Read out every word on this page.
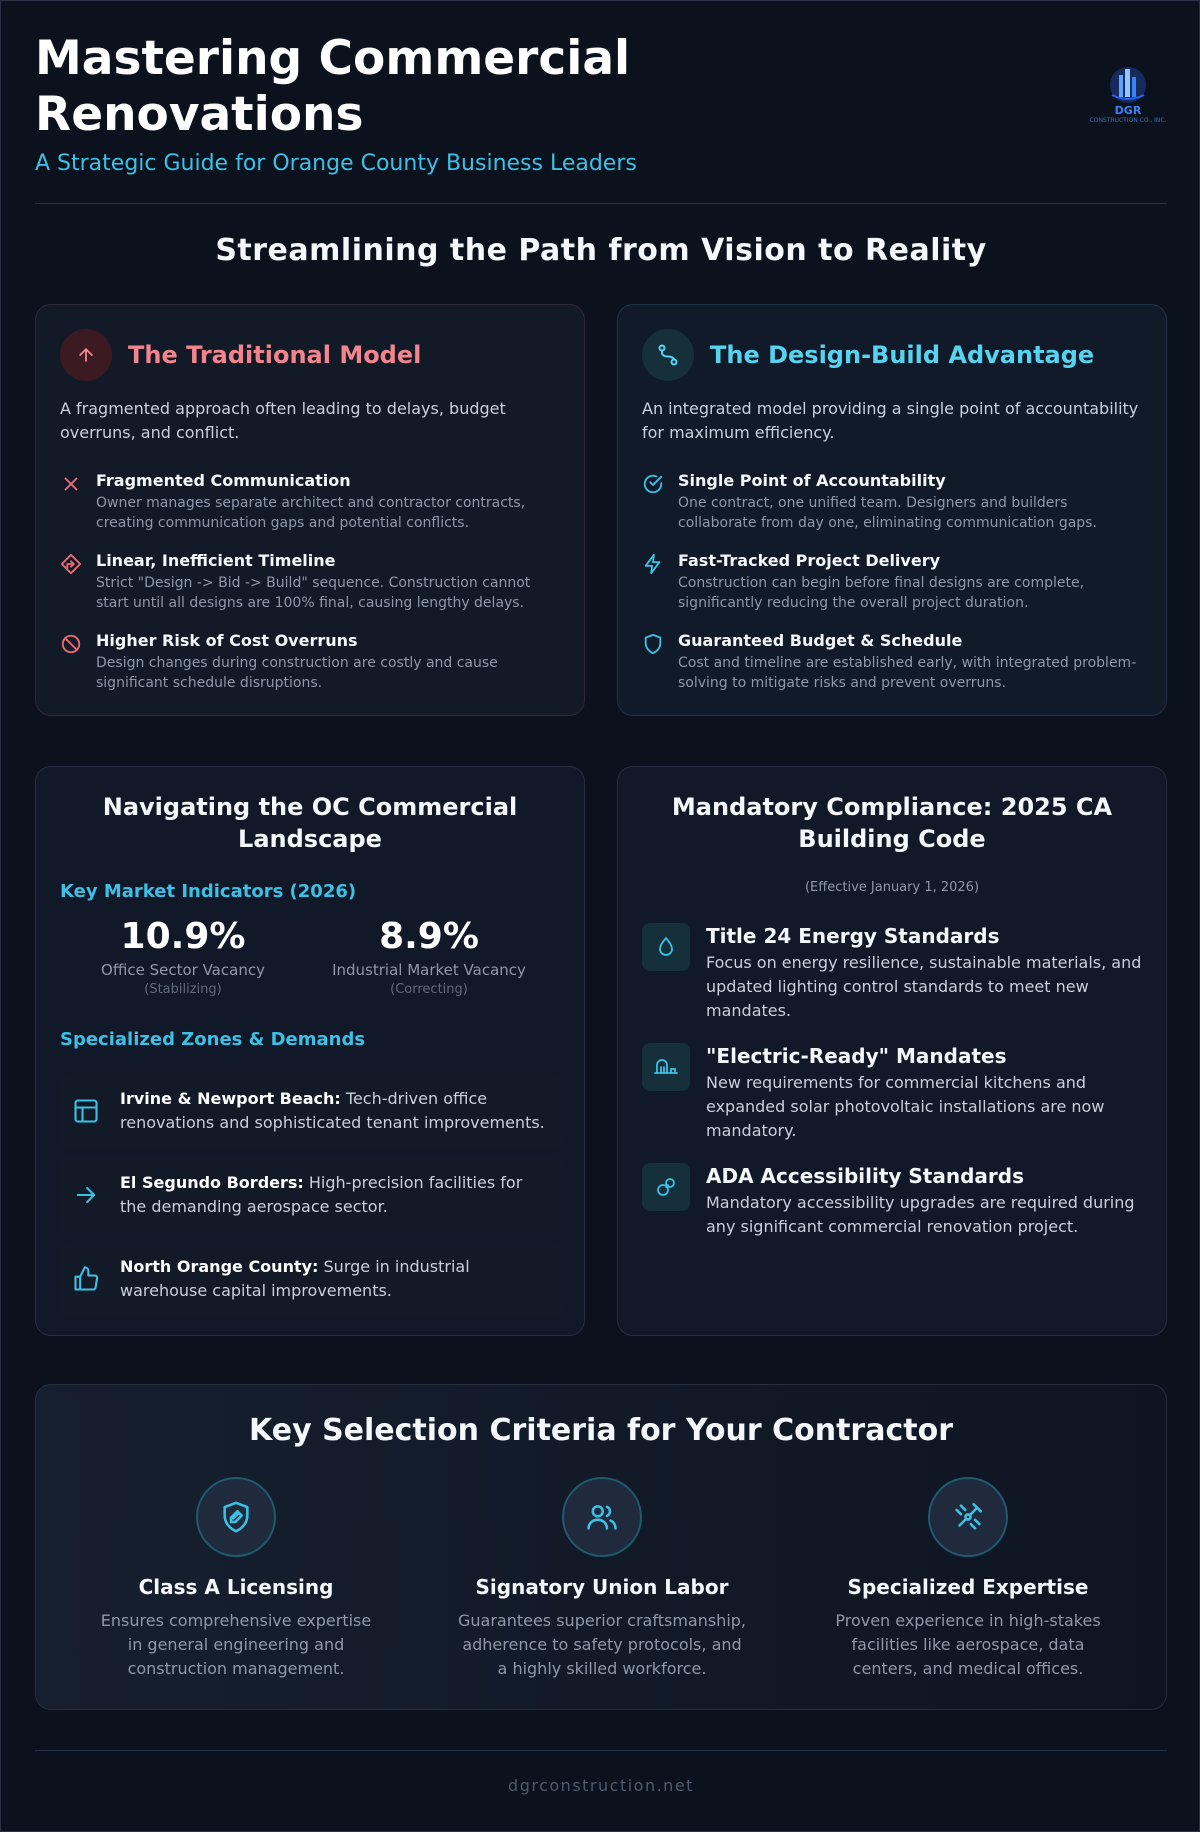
Mastering Commercial Renovations
A Strategic Guide for Orange County Business Leaders
DGR
CONSTRUCTION CO., INC.
Streamlining the Path from Vision to Reality
The Traditional Model
A fragmented approach often leading to delays, budget overruns, and conflict.
Fragmented Communication
Owner manages separate architect and contractor contracts, creating communication gaps and potential conflicts.
Linear, Inefficient Timeline
Strict "Design -> Bid -> Build" sequence. Construction cannot start until all designs are 100% final, causing lengthy delays.
Higher Risk of Cost Overruns
Design changes during construction are costly and cause significant schedule disruptions.
The Design-Build Advantage
An integrated model providing a single point of accountability for maximum efficiency.
Single Point of Accountability
One contract, one unified team. Designers and builders collaborate from day one, eliminating communication gaps.
Fast-Tracked Project Delivery
Construction can begin before final designs are complete, significantly reducing the overall project duration.
Guaranteed Budget & Schedule
Cost and timeline are established early, with integrated problem-solving to mitigate risks and prevent overruns.
Navigating the OC Commercial Landscape
Key Market Indicators (2026)
10.9%
Office Sector Vacancy
(Stabilizing)
8.9%
Industrial Market Vacancy
(Correcting)
Specialized Zones & Demands
Irvine & Newport Beach: Tech-driven office renovations and sophisticated tenant improvements.
El Segundo Borders: High-precision facilities for the demanding aerospace sector.
North Orange County: Surge in industrial warehouse capital improvements.
Mandatory Compliance: 2025 CA Building Code
(Effective January 1, 2026)
Title 24 Energy Standards
Focus on energy resilience, sustainable materials, and updated lighting control standards to meet new mandates.
"Electric-Ready" Mandates
New requirements for commercial kitchens and expanded solar photovoltaic installations are now mandatory.
ADA Accessibility Standards
Mandatory accessibility upgrades are required during any significant commercial renovation project.
Key Selection Criteria for Your Contractor
Class A Licensing
Ensures comprehensive expertise in general engineering and construction management.
Signatory Union Labor
Guarantees superior craftsmanship, adherence to safety protocols, and a highly skilled workforce.
Specialized Expertise
Proven experience in high-stakes facilities like aerospace, data centers, and medical offices.
dgrconstruction.net
